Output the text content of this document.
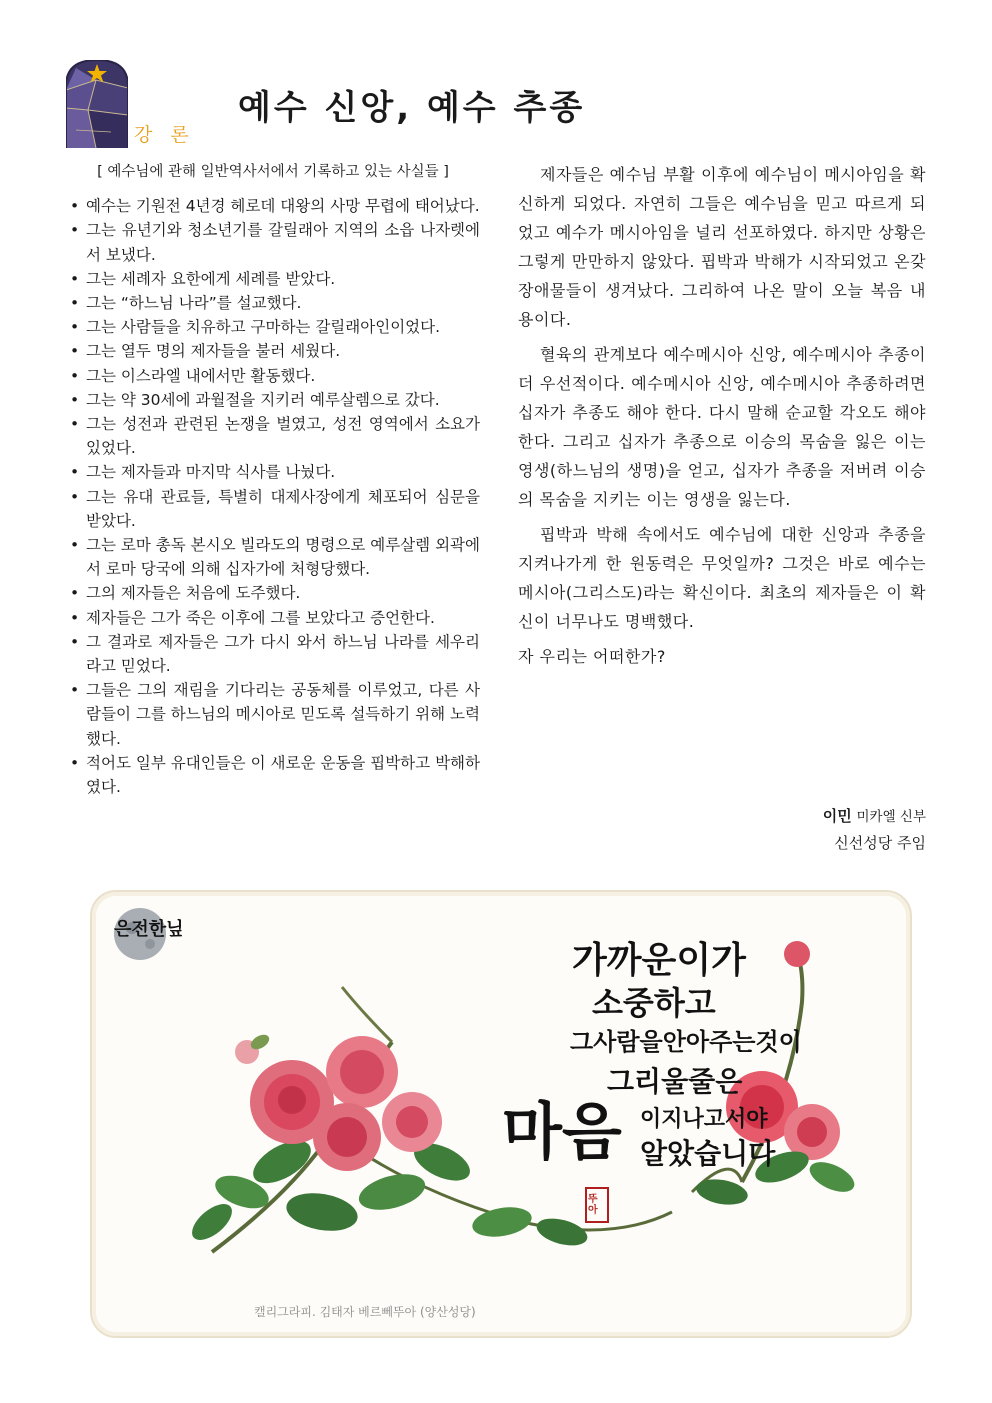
강 론
예수 신앙, 예수 추종
[ 예수님에 관해 일반역사서에서 기록하고 있는 사실들 ]
• 예수는 기원전 4년경 헤로데 대왕의 사망 무렵에 태어났다.
• 그는 유년기와 청소년기를 갈릴래아 지역의 소읍 나자렛에서 보냈다.
• 그는 세례자 요한에게 세례를 받았다.
• 그는 “하느님 나라”를 설교했다.
• 그는 사람들을 치유하고 구마하는 갈릴래아인이었다.
• 그는 열두 명의 제자들을 불러 세웠다.
• 그는 이스라엘 내에서만 활동했다.
• 그는 약 30세에 과월절을 지키러 예루살렘으로 갔다.
• 그는 성전과 관련된 논쟁을 벌였고, 성전 영역에서 소요가 있었다.
• 그는 제자들과 마지막 식사를 나눴다.
• 그는 유대 관료들, 특별히 대제사장에게 체포되어 심문을 받았다.
• 그는 로마 총독 본시오 빌라도의 명령으로 예루살렘 외곽에서 로마 당국에 의해 십자가에 처형당했다.
• 그의 제자들은 처음에 도주했다.
• 제자들은 그가 죽은 이후에 그를 보았다고 증언한다.
• 그 결과로 제자들은 그가 다시 와서 하느님 나라를 세우리라고 믿었다.
• 그들은 그의 재림을 기다리는 공동체를 이루었고, 다른 사람들이 그를 하느님의 메시아로 믿도록 설득하기 위해 노력했다.
• 적어도 일부 유대인들은 이 새로운 운동을 핍박하고 박해하였다.

제자들은 예수님 부활 이후에 예수님이 메시아임을 확신하게 되었다. 자연히 그들은 예수님을 믿고 따르게 되었고 예수가 메시아임을 널리 선포하였다. 하지만 상황은 그렇게 만만하지 않았다. 핍박과 박해가 시작되었고 온갖 장애물들이 생겨났다. 그리하여 나온 말이 오늘 복음 내용이다.

혈육의 관계보다 예수메시아 신앙, 예수메시아 추종이 더 우선적이다. 예수메시아 신앙, 예수메시아 추종하려면 십자가 추종도 해야 한다. 다시 말해 순교할 각오도 해야 한다. 그리고 십자가 추종으로 이승의 목숨을 잃은 이는 영생(하느님의 생명)을 얻고, 십자가 추종을 저버려 이승의 목숨을 지키는 이는 영생을 잃는다.

핍박과 박해 속에서도 예수님에 대한 신앙과 추종을 지켜나가게 한 원동력은 무엇일까? 그것은 바로 예수는 메시아(그리스도)라는 확신이다. 최초의 제자들은 이 확신이 너무나도 명백했다.

자 우리는 어떠한가?

이민 미카엘 신부
신선성당 주임
은전한닢
가까운이가
소중하고
그사람을안아주는것이
그리울줄은
마음 이지나고서야
알았습니다
뚜아
캘리그라피. 김태자 베르뻬뚜아 (양산성당)
